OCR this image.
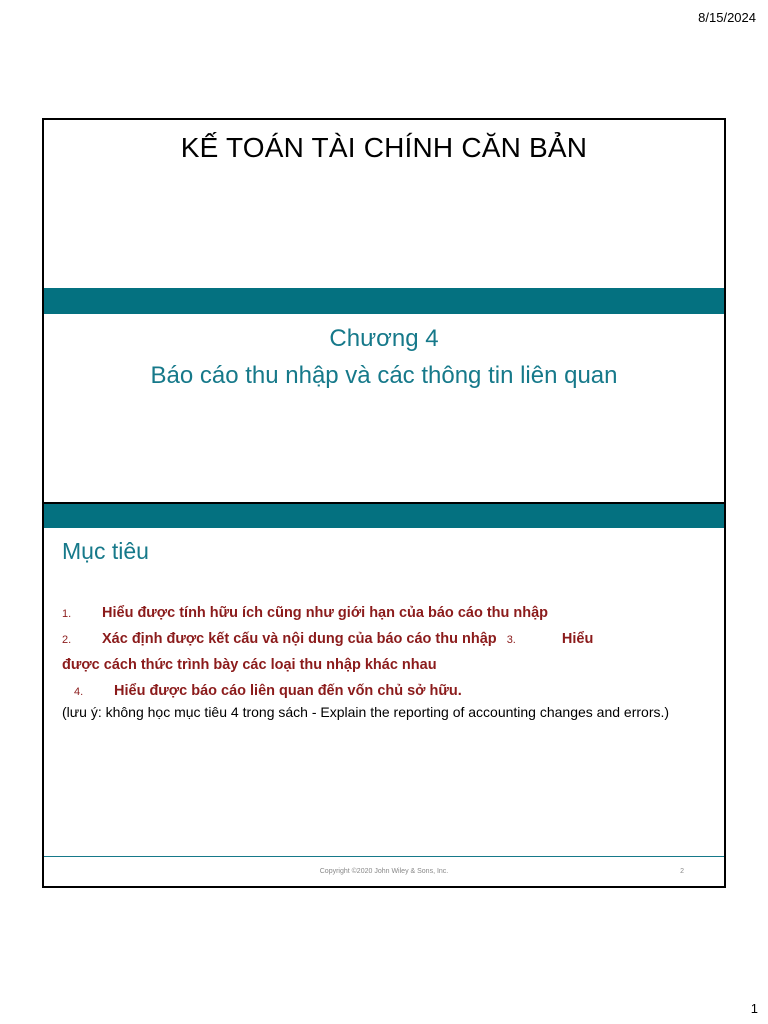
8/15/2024
KẾ TOÁN TÀI CHÍNH CĂN BẢN
Chương 4
Báo cáo thu nhập và các thông tin liên quan
Mục tiêu
1. Hiểu được tính hữu ích cũng như giới hạn của báo cáo thu nhập
2. Xác định được kết cấu và nội dung của báo cáo thu nhập 3.	Hiểu
được cách thức trình bày các loại thu nhập khác nhau
4. Hiểu được báo cáo liên quan đến vốn chủ sở hữu.
(lưu ý: không học mục tiêu 4 trong sách - Explain the reporting of accounting changes and errors.)
Copyright ©2020 John Wiley & Sons, Inc.	2
1
